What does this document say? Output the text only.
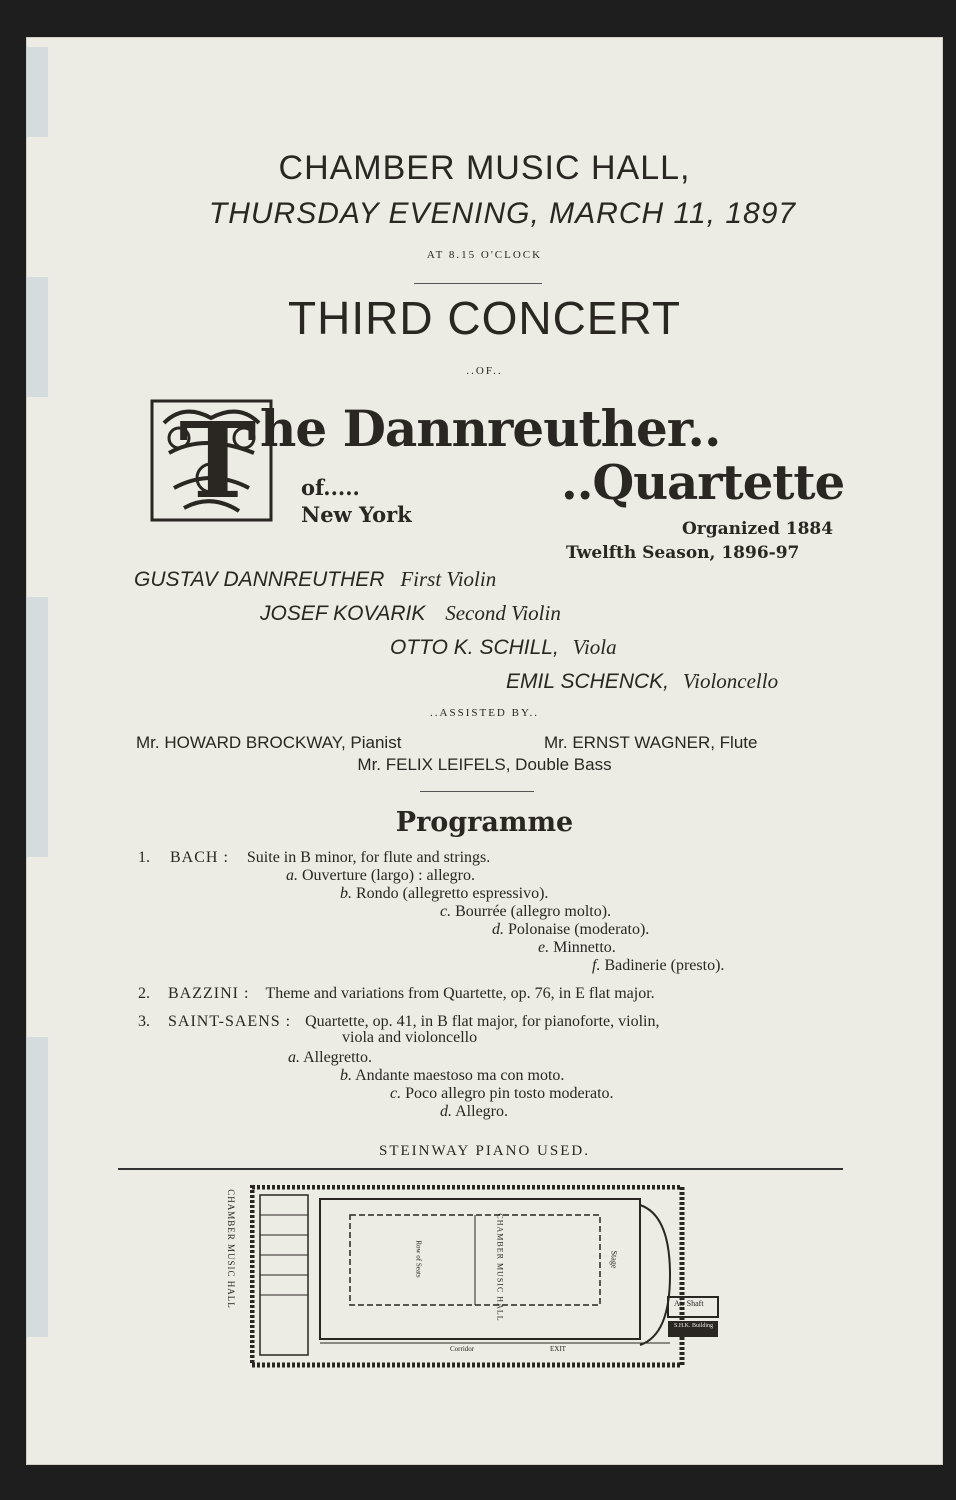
CHAMBER MUSIC HALL,
THURSDAY EVENING, MARCH 11, 1897
AT 8.15 O'CLOCK
THIRD CONCERT
..OF..
T he Dannreuther..
of.....
New York
..Quartette
Organized 1884
Twelfth Season, 1896-97
GUSTAV DANNREUTHER First Violin
JOSEF KOVARIK Second Violin
OTTO K. SCHILL, Viola
EMIL SCHENCK, Violoncello
..ASSISTED BY..
Mr. HOWARD BROCKWAY, Pianist	Mr. ERNST WAGNER, Flute
Mr. FELIX LEIFELS, Double Bass
Programme
1. BACH : Suite in B minor, for flute and strings.
a. Ouverture (largo) : allegro.
b. Rondo (allegretto espressivo).
c. Bourrée (allegro molto).
d. Polonaise (moderato).
e. Minnetto.
f. Badinerie (presto).
2. BAZZINI : Theme and variations from Quartette, op. 76, in E flat major.
3. SAINT-SAENS : Quartette, op. 41, in B flat major, for pianoforte, violin,
viola and violoncello
a. Allegretto.
b. Andante maestoso ma con moto.
c. Poco allegro pin tosto moderato.
d. Allegro.
STEINWAY PIANO USED.
CHAMBER MUSIC HALL	CHAMBER MUSIC HALL
Row of Seats	Stage
Air Shaft
S.H.K. Building
Corridor	EXIT
